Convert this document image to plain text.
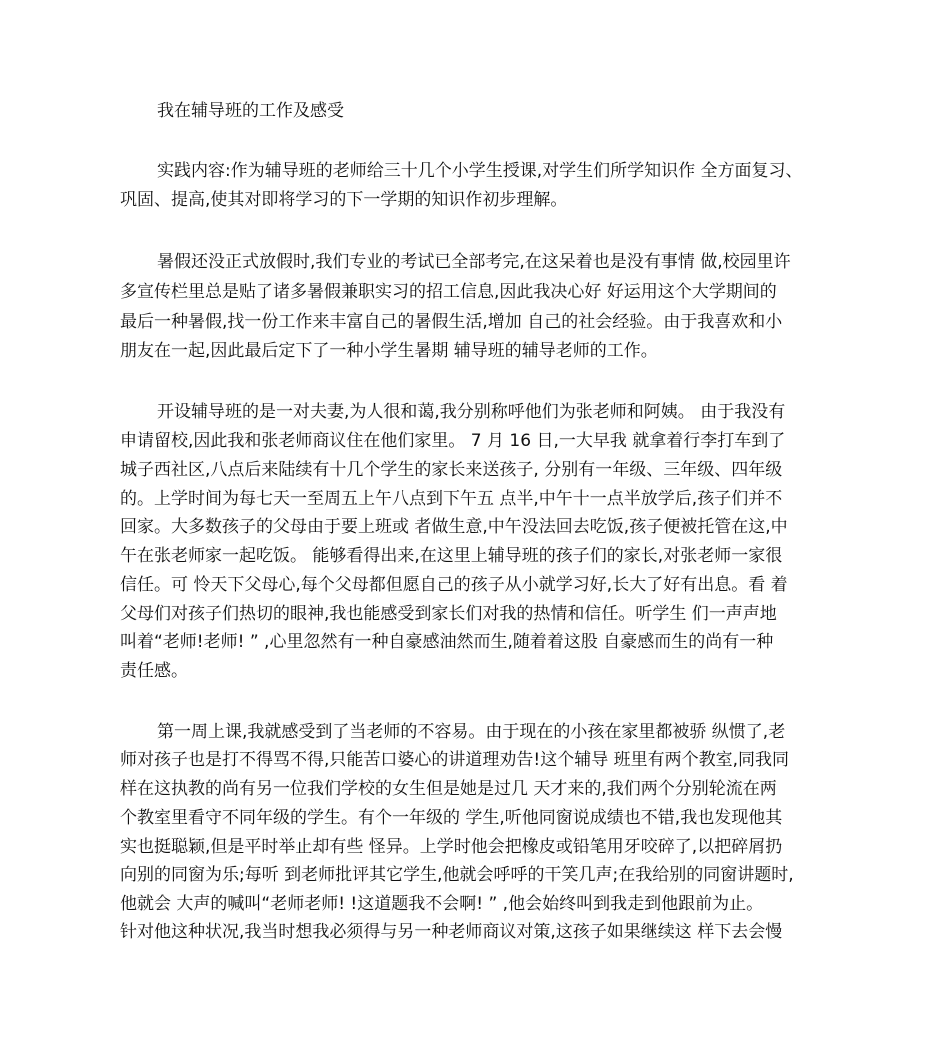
我在辅导班的工作及感受
实践内容:作为辅导班的老师给三十几个小学生授课,对学生们所学知识作 全方面复习、
巩固、提高,使其对即将学习的下一学期的知识作初步理解。
暑假还没正式放假时,我们专业的考试已全部考完,在这呆着也是没有事情 做,校园里许
多宣传栏里总是贴了诸多暑假兼职实习的招工信息,因此我决心好 好运用这个大学期间的
最后一种暑假,找一份工作来丰富自己的暑假生活,增加 自己的社会经验。由于我喜欢和小
朋友在一起,因此最后定下了一种小学生暑期 辅导班的辅导老师的工作。
开设辅导班的是一对夫妻,为人很和蔼,我分别称呼他们为张老师和阿姨。 由于我没有
申请留校,因此我和张老师商议住在他们家里。 7 月 16 日,一大早我 就拿着行李打车到了
城子西社区,八点后来陆续有十几个学生的家长来送孩子, 分别有一年级、三年级、四年级
的。上学时间为每七天一至周五上午八点到下午五 点半,中午十一点半放学后,孩子们并不
回家。大多数孩子的父母由于要上班或 者做生意,中午没法回去吃饭,孩子便被托管在这,中
午在张老师家一起吃饭。 能够看得出来,在这里上辅导班的孩子们的家长,对张老师一家很
信任。可 怜天下父母心,每个父母都但愿自己的孩子从小就学习好,长大了好有出息。看 着
父母们对孩子们热切的眼神,我也能感受到家长们对我的热情和信任。听学生 们一声声地
叫着“老师!老师! ” ,心里忽然有一种自豪感油然而生,随着着这股 自豪感而生的尚有一种
责任感。
第一周上课,我就感受到了当老师的不容易。由于现在的小孩在家里都被骄 纵惯了,老
师对孩子也是打不得骂不得,只能苦口婆心的讲道理劝告!这个辅导 班里有两个教室,同我同
样在这执教的尚有另一位我们学校的女生但是她是过几 天才来的,我们两个分别轮流在两
个教室里看守不同年级的学生。有个一年级的 学生,听他同窗说成绩也不错,我也发现他其
实也挺聪颖,但是平时举止却有些 怪异。上学时他会把橡皮或铅笔用牙咬碎了,以把碎屑扔
向别的同窗为乐;每听 到老师批评其它学生,他就会呼呼的干笑几声;在我给别的同窗讲题时,
他就会 大声的喊叫“老师老师! !这道题我不会啊! ” ,他会始终叫到我走到他跟前为止。
针对他这种状况,我当时想我必须得与另一种老师商议对策,这孩子如果继续这 样下去会慢
